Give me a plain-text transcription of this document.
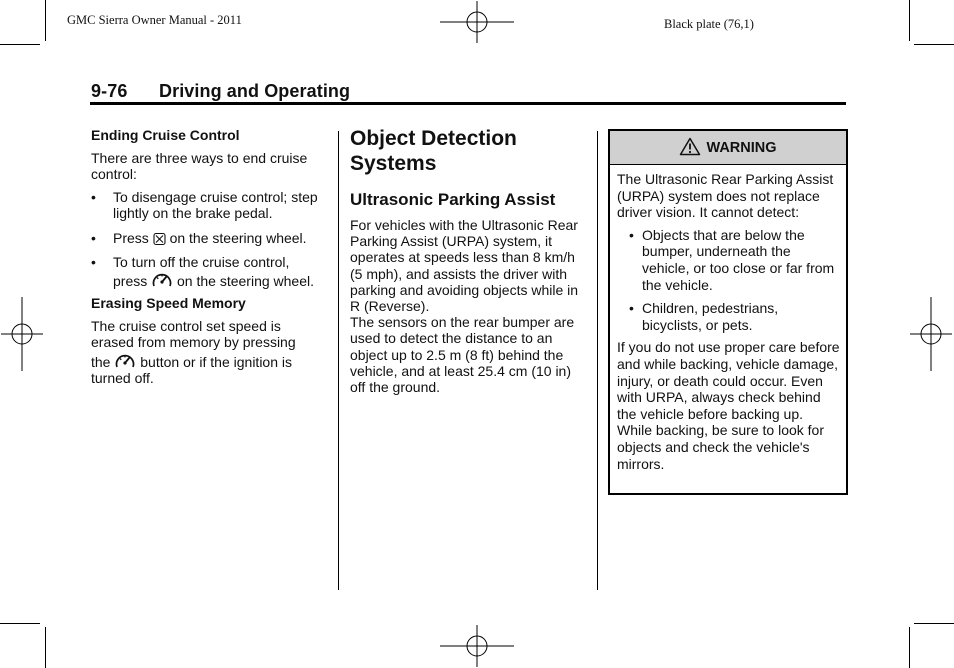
GMC Sierra Owner Manual - 2011	Black plate (76,1)
9-76 Driving and Operating

Ending Cruise Control

There are three ways to end cruise control:

• To disengage cruise control; step lightly on the brake pedal.
• Press on the steering wheel.
• To turn off the cruise control,
press on the steering wheel.

Erasing Speed Memory

The cruise control set speed is
erased from memory by pressing
the button or if the ignition is
turned off.
Object Detection
Systems
Ultrasonic Parking Assist

For vehicles with the Ultrasonic Rear Parking Assist (URPA) system, it operates at speeds less than 8 km/h (5 mph), and assists the driver with parking and avoiding objects while in R (Reverse).

The sensors on the rear bumper are used to detect the distance to an object up to 2.5 m (8 ft) behind the vehicle, and at least 25.4 cm (10 in) off the ground.

WARNING

The Ultrasonic Rear Parking Assist (URPA) system does not replace driver vision. It cannot detect:

• Objects that are below the bumper, underneath the vehicle, or too close or far from the vehicle.
• Children, pedestrians, bicyclists, or pets.

If you do not use proper care before and while backing, vehicle damage, injury, or death could occur. Even with URPA, always check behind the vehicle before backing up. While backing, be sure to look for objects and check the vehicle's mirrors.
